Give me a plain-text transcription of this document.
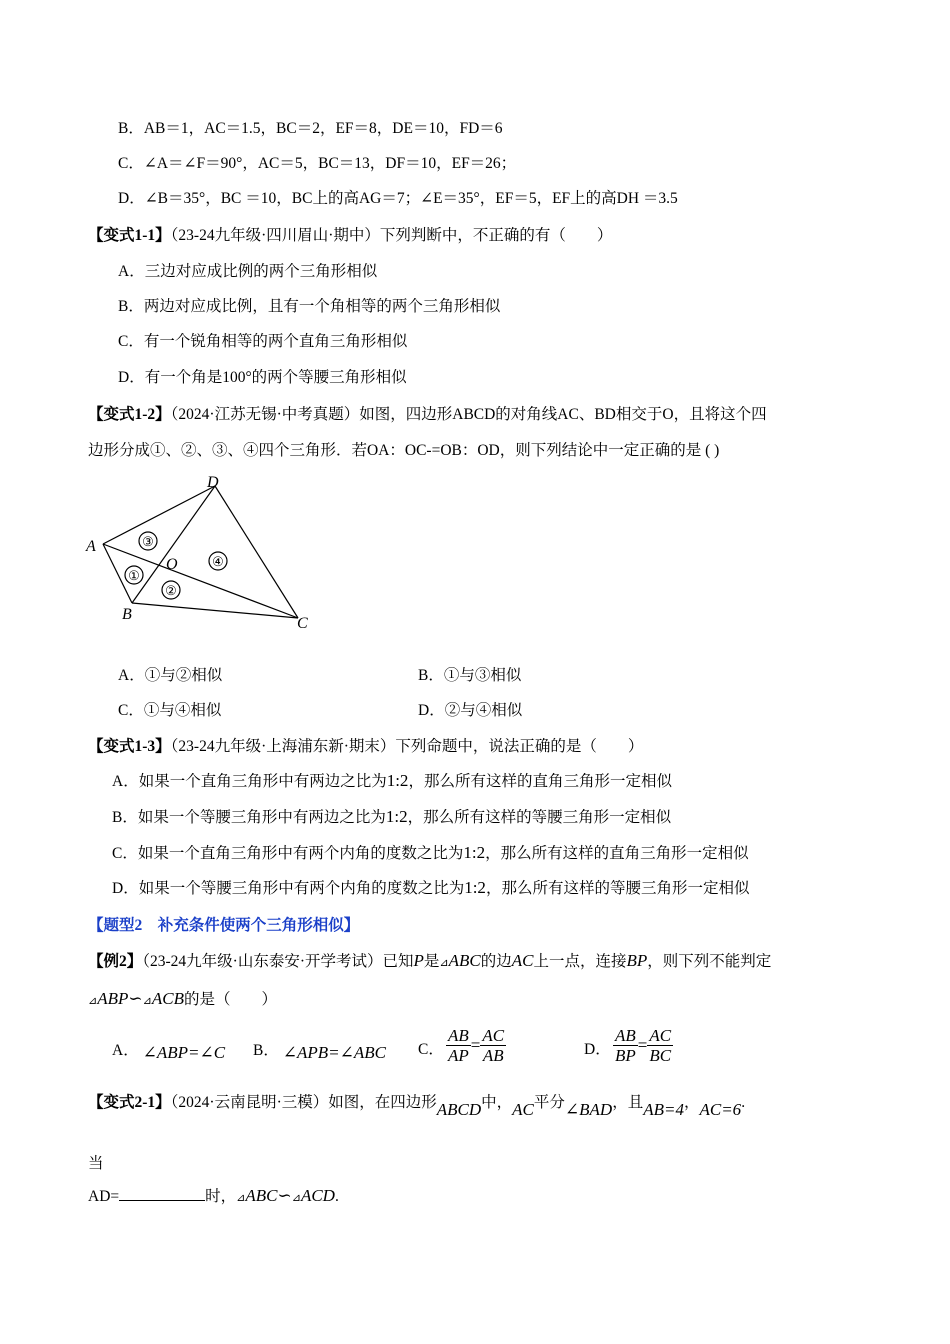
B．AB＝1，AC＝1.5，BC＝2，EF＝8，DE＝10，FD＝6
C．∠A＝∠F＝90°，AC＝5，BC＝13，DF＝10，EF＝26；
D．∠B＝35°，BC ＝10，BC上的高AG＝7；∠E＝35°，EF＝5，EF上的高DH ＝3.5
【变式1-1】（23-24九年级·四川眉山·期中）下列判断中，不正确的有（　　）
A．三边对应成比例的两个三角形相似
B．两边对应成比例，且有一个角相等的两个三角形相似
C．有一个锐角相等的两个直角三角形相似
D．有一个角是100°的两个等腰三角形相似
【变式1-2】（2024·江苏无锡·中考真题）如图，四边形ABCD的对角线AC、BD相交于O，且将这个四
边形分成①、②、③、④四个三角形．若OA：OC-=OB：OD，则下列结论中一定正确的是 ( )
D
A
O
B
C
③
④
①
②
A．①与②相似	B．①与③相似
C．①与④相似	D．②与④相似
【变式1-3】（23-24九年级·上海浦东新·期末）下列命题中，说法正确的是（　　）
A．如果一个直角三角形中有两边之比为1:2，那么所有这样的直角三角形一定相似
B．如果一个等腰三角形中有两边之比为1:2，那么所有这样的等腰三角形一定相似
C．如果一个直角三角形中有两个内角的度数之比为1:2，那么所有这样的直角三角形一定相似
D．如果一个等腰三角形中有两个内角的度数之比为1:2，那么所有这样的等腰三角形一定相似
【题型2　补充条件使两个三角形相似】
【例2】（23-24九年级·山东泰安·开学考试）已知P是⊿ABC的边AC上一点，连接BP，则下列不能判定
⊿ABP∽⊿ACB的是（　　）
A． ∠ABP=∠C B． ∠APB=∠ABC C． $\frac{AB}{AP} = \frac{AC}{AB}$	D． $\frac{AB}{BP} = \frac{AC}{BC}$
【变式2-1】（2024·云南昆明·三模）如图，在四边形ABCD中，AC平分∠BAD，且AB=4，AC=6.
当
AD=	时，⊿ABC∽⊿ACD.
